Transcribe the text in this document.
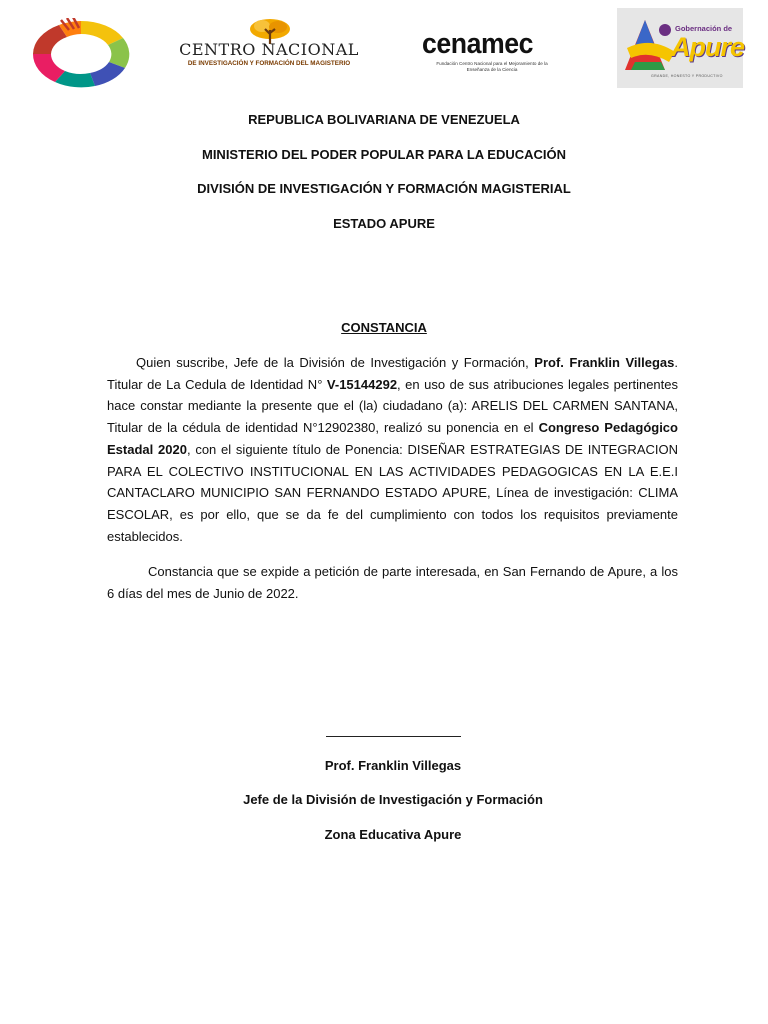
CENTRO NACIONAL
DE INVESTIGACIÓN Y FORMACIÓN DEL MAGISTERIO
cenamec
Fundación Centro Nacional para el Mejoramiento de la Enseñanza de la Ciencia
Gobernación de
Apure
GRANDE, HONESTO Y PRODUCTIVO
REPUBLICA BOLIVARIANA DE VENEZUELA
MINISTERIO DEL PODER POPULAR PARA LA EDUCACIÓN
DIVISIÓN DE INVESTIGACIÓN Y FORMACIÓN MAGISTERIAL
ESTADO APURE
CONSTANCIA

Quien suscribe, Jefe de la División de Investigación y Formación, Prof. Franklin Villegas. Titular de La Cedula de Identidad N° V-15144292, en uso de sus atribuciones legales pertinentes hace constar mediante la presente que el (la) ciudadano (a): ARELIS DEL CARMEN SANTANA, Titular de la cédula de identidad N°12902380, realizó su ponencia en el Congreso Pedagógico Estadal 2020, con el siguiente título de Ponencia: DISEÑAR ESTRATEGIAS DE INTEGRACION PARA EL COLECTIVO INSTITUCIONAL EN LAS ACTIVIDADES PEDAGOGICAS EN LA E.E.I CANTACLARO MUNICIPIO SAN FERNANDO ESTADO APURE, Línea de investigación: CLIMA ESCOLAR, es por ello, que se da fe del cumplimiento con todos los requisitos previamente establecidos.

Constancia que se expide a petición de parte interesada, en San Fernando de Apure, a los 6 días del mes de Junio de 2022.

Prof. Franklin Villegas
Jefe de la División de Investigación y Formación
Zona Educativa Apure
